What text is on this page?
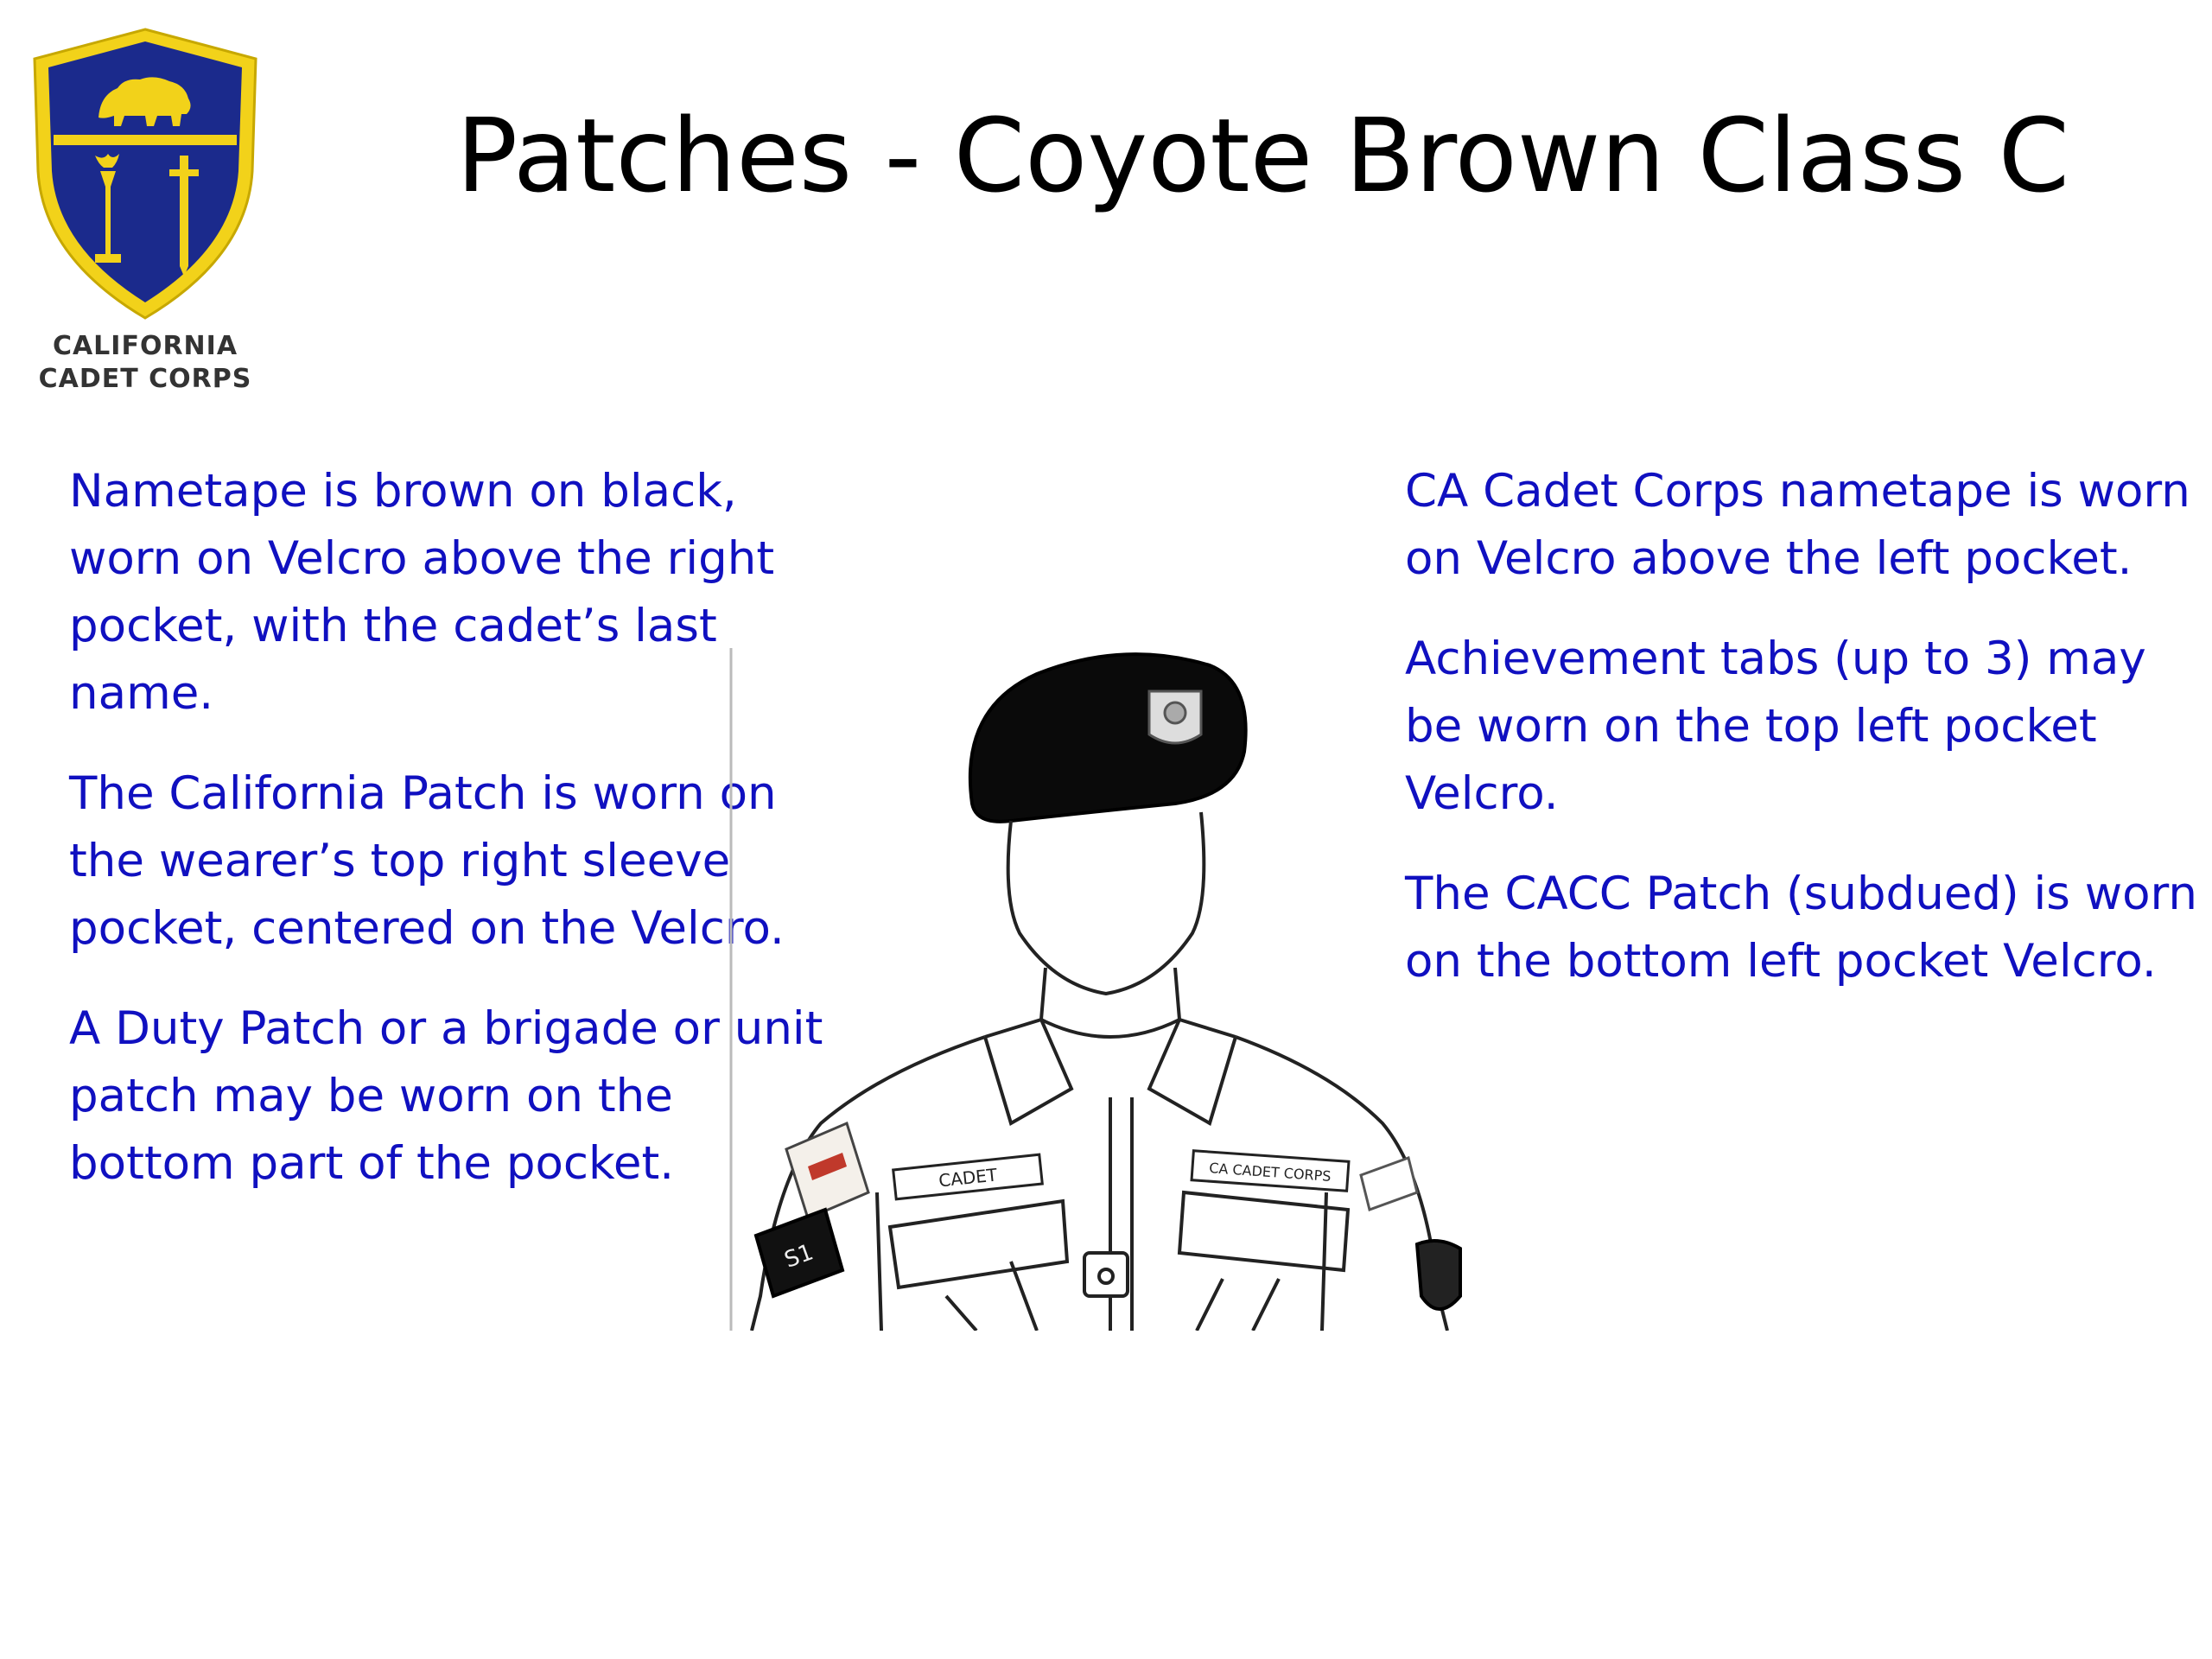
CALIFORNIA
CADET CORPS
Patches - Coyote Brown Class C

Nametape is brown on black, worn on Velcro above the right pocket, with the cadet’s last name.

The California Patch is worn on the wearer’s top right sleeve pocket, centered on the Velcro.

A Duty Patch or a brigade or unit patch may be worn on the bottom part of the pocket.

CA Cadet Corps nametape is worn on Velcro above the left pocket.

Achievement tabs (up to 3) may be worn on the top left pocket Velcro.

The CACC Patch (subdued) is worn on the bottom left pocket Velcro.

CADET	CA CADET CORPS
S1
